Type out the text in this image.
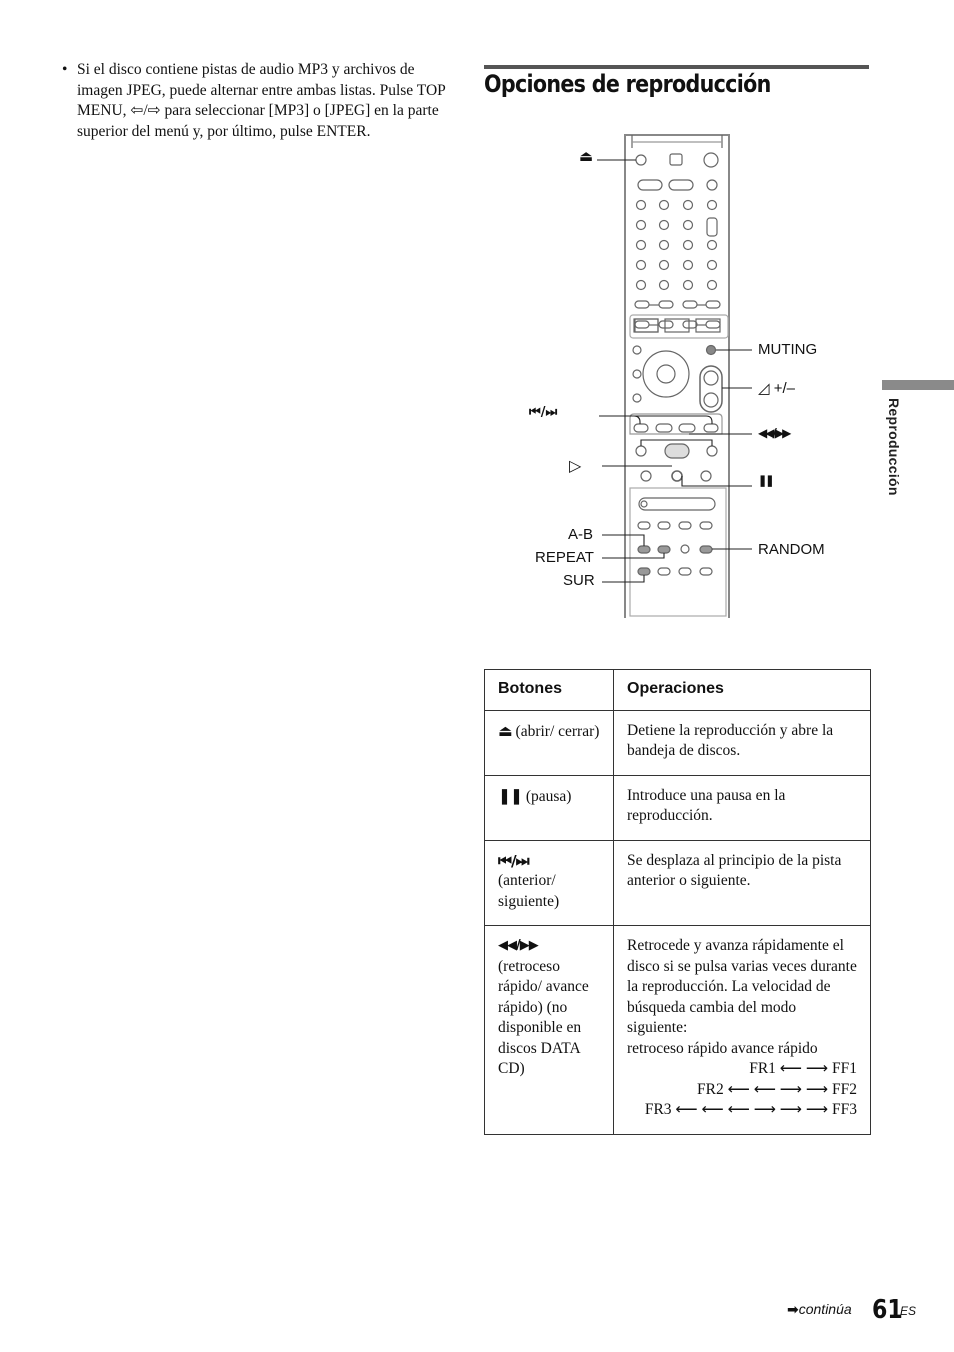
• Si el disco contiene pistas de audio MP3 y archivos de imagen JPEG, puede alternar entre ambas listas. Pulse TOP MENU, ⇦/⇨ para seleccionar [MP3] o [JPEG] en la parte superior del menú y, por último, pulse ENTER.
Opciones de reproducción
Reproducción
⏏
MUTING
◿ +/–
⏮/⏭
◀◀/▶▶
▷
❚❚
A-B
REPEAT
SUR
RANDOM
Botones	Operaciones
⏏ (abrir/ cerrar)	Detiene la reproducción y abre la bandeja de discos.
❚❚ (pausa)	Introduce una pausa en la reproducción.

⏮/⏭
(anterior/ siguiente)	Se desplaza al principio de la pista anterior o siguiente.

◀◀/▶▶
(retroceso rápido/ avance rápido) (no disponible en discos DATA CD)	Retrocede y avanza rápidamente el disco si se pulsa varias veces durante la reproducción. La velocidad de búsqueda cambia del modo siguiente:
retroceso rápido avance rápido
FR1 ⟵ ⟶ FF1
FR2 ⟵ ⟵ ⟶ ⟶ FF2
FR3 ⟵ ⟵ ⟵ ⟶ ⟶ ⟶ FF3
➡continúa 61
ES
